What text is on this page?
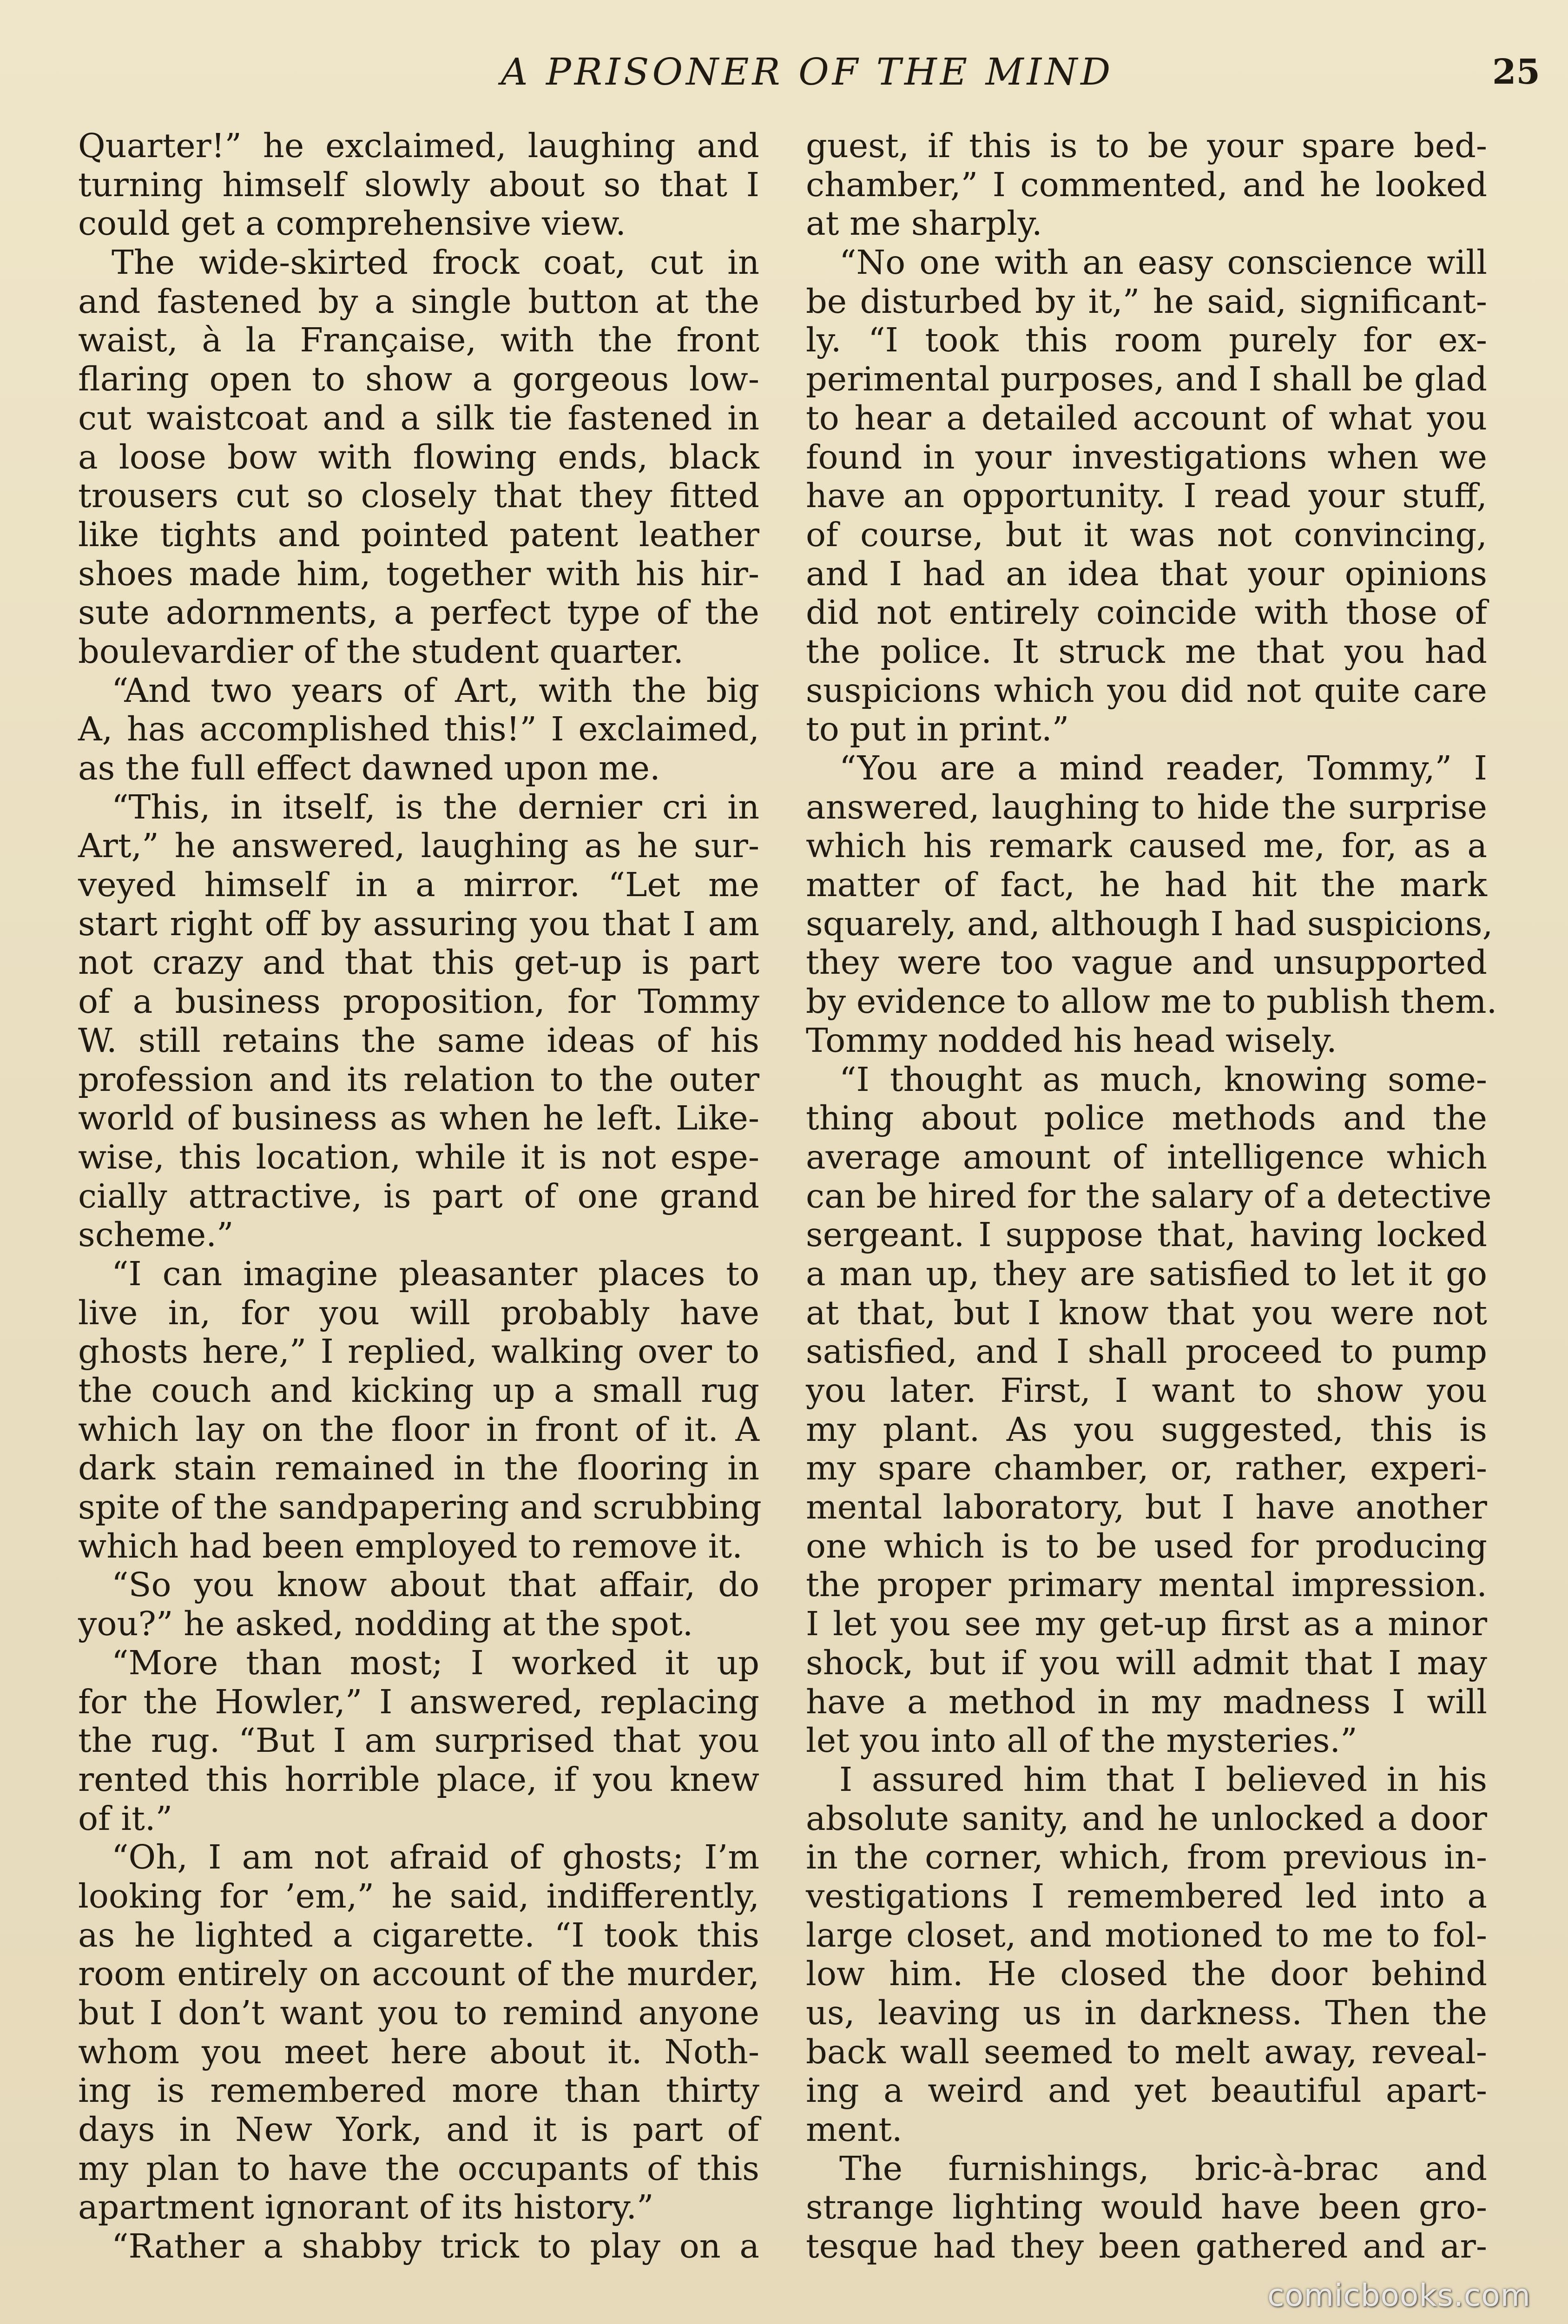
A PRISONER OF THE MIND	25
Quarter!” he exclaimed, laughing and
turning himself slowly about so that I
could get a comprehensive view.
The wide-skirted frock coat, cut in
and fastened by a single button at the
waist, à la Française, with the front
flaring open to show a gorgeous low-
cut waistcoat and a silk tie fastened in
a loose bow with flowing ends, black
trousers cut so closely that they fitted
like tights and pointed patent leather
shoes made him, together with his hir-
sute adornments, a perfect type of the
boulevardier of the student quarter.
“And two years of Art, with the big
A, has accomplished this!” I exclaimed,
as the full effect dawned upon me.
“This, in itself, is the dernier cri in
Art,” he answered, laughing as he sur-
veyed himself in a mirror. “Let me
start right off by assuring you that I am
not crazy and that this get-up is part
of a business proposition, for Tommy
W. still retains the same ideas of his
profession and its relation to the outer
world of business as when he left. Like-
wise, this location, while it is not espe-
cially attractive, is part of one grand
scheme.”
“I can imagine pleasanter places to
live in, for you will probably have
ghosts here,” I replied, walking over to
the couch and kicking up a small rug
which lay on the floor in front of it. A
dark stain remained in the flooring in
spite of the sandpapering and scrubbing
which had been employed to remove it.
“So you know about that affair, do
you?” he asked, nodding at the spot.
“More than most; I worked it up
for the Howler,” I answered, replacing
the rug. “But I am surprised that you
rented this horrible place, if you knew
of it.”
“Oh, I am not afraid of ghosts; I’m
looking for ’em,” he said, indifferently,
as he lighted a cigarette. “I took this
room entirely on account of the murder,
but I don’t want you to remind anyone
whom you meet here about it. Noth-
ing is remembered more than thirty
days in New York, and it is part of
my plan to have the occupants of this
apartment ignorant of its history.”
“Rather a shabby trick to play on a
guest, if this is to be your spare bed-
chamber,” I commented, and he looked
at me sharply.
“No one with an easy conscience will
be disturbed by it,” he said, significant-
ly. “I took this room purely for ex-
perimental purposes, and I shall be glad
to hear a detailed account of what you
found in your investigations when we
have an opportunity. I read your stuff,
of course, but it was not convincing,
and I had an idea that your opinions
did not entirely coincide with those of
the police. It struck me that you had
suspicions which you did not quite care
to put in print.”
“You are a mind reader, Tommy,” I
answered, laughing to hide the surprise
which his remark caused me, for, as a
matter of fact, he had hit the mark
squarely, and, although I had suspicions,
they were too vague and unsupported
by evidence to allow me to publish them.
Tommy nodded his head wisely.
“I thought as much, knowing some-
thing about police methods and the
average amount of intelligence which
can be hired for the salary of a detective
sergeant. I suppose that, having locked
a man up, they are satisfied to let it go
at that, but I know that you were not
satisfied, and I shall proceed to pump
you later. First, I want to show you
my plant. As you suggested, this is
my spare chamber, or, rather, experi-
mental laboratory, but I have another
one which is to be used for producing
the proper primary mental impression.
I let you see my get-up first as a minor
shock, but if you will admit that I may
have a method in my madness I will
let you into all of the mysteries.”
I assured him that I believed in his
absolute sanity, and he unlocked a door
in the corner, which, from previous in-
vestigations I remembered led into a
large closet, and motioned to me to fol-
low him. He closed the door behind
us, leaving us in darkness. Then the
back wall seemed to melt away, reveal-
ing a weird and yet beautiful apart-
ment.
The furnishings, bric-à-brac and
strange lighting would have been gro-
tesque had they been gathered and ar-
comicbooks.com
